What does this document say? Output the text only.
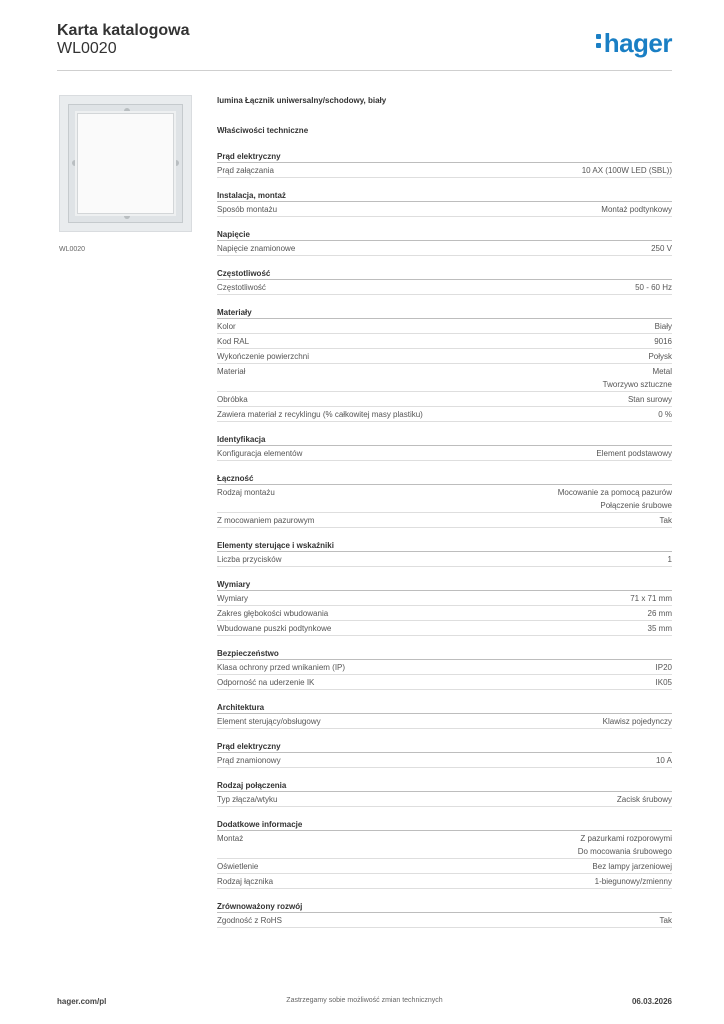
Karta katalogowa
WL0020	hager
WL0020
lumina Łącznik uniwersalny/schodowy, biały
Właściwości techniczne
Prąd elektryczny
Prąd załączania	10 AX (100W LED (SBL))
Instalacja, montaż
Sposób montażu	Montaż podtynkowy
Napięcie
Napięcie znamionowe	250 V
Częstotliwość
Częstotliwość	50 - 60 Hz
Materiały
Kolor	Biały
Kod RAL	9016
Wykończenie powierzchni	Połysk
Materiał	Metal
Tworzywo sztuczne
Obróbka	Stan surowy
Zawiera materiał z recyklingu (% całkowitej masy plastiku)	0 %
Identyfikacja
Konfiguracja elementów	Element podstawowy
Łączność
Rodzaj montażu	Mocowanie za pomocą pazurów
Połączenie śrubowe
Z mocowaniem pazurowym	Tak
Elementy sterujące i wskaźniki
Liczba przycisków	1
Wymiary
Wymiary	71 x 71 mm
Zakres głębokości wbudowania	26 mm
Wbudowane puszki podtynkowe	35 mm
Bezpieczeństwo
Klasa ochrony przed wnikaniem (IP)	IP20
Odporność na uderzenie IK	IK05
Architektura
Element sterujący/obsługowy	Klawisz pojedynczy
Prąd elektryczny
Prąd znamionowy	10 A
Rodzaj połączenia
Typ złącza/wtyku	Zacisk śrubowy
Dodatkowe informacje
Montaż	Z pazurkami rozporowymi
Do mocowania śrubowego
Oświetlenie	Bez lampy jarzeniowej
Rodzaj łącznika	1-biegunowy/zmienny
Zrównoważony rozwój
Zgodność z RoHS	Tak
hager.com/pl	Zastrzegamy sobie możliwość zmian technicznych	06.03.2026
